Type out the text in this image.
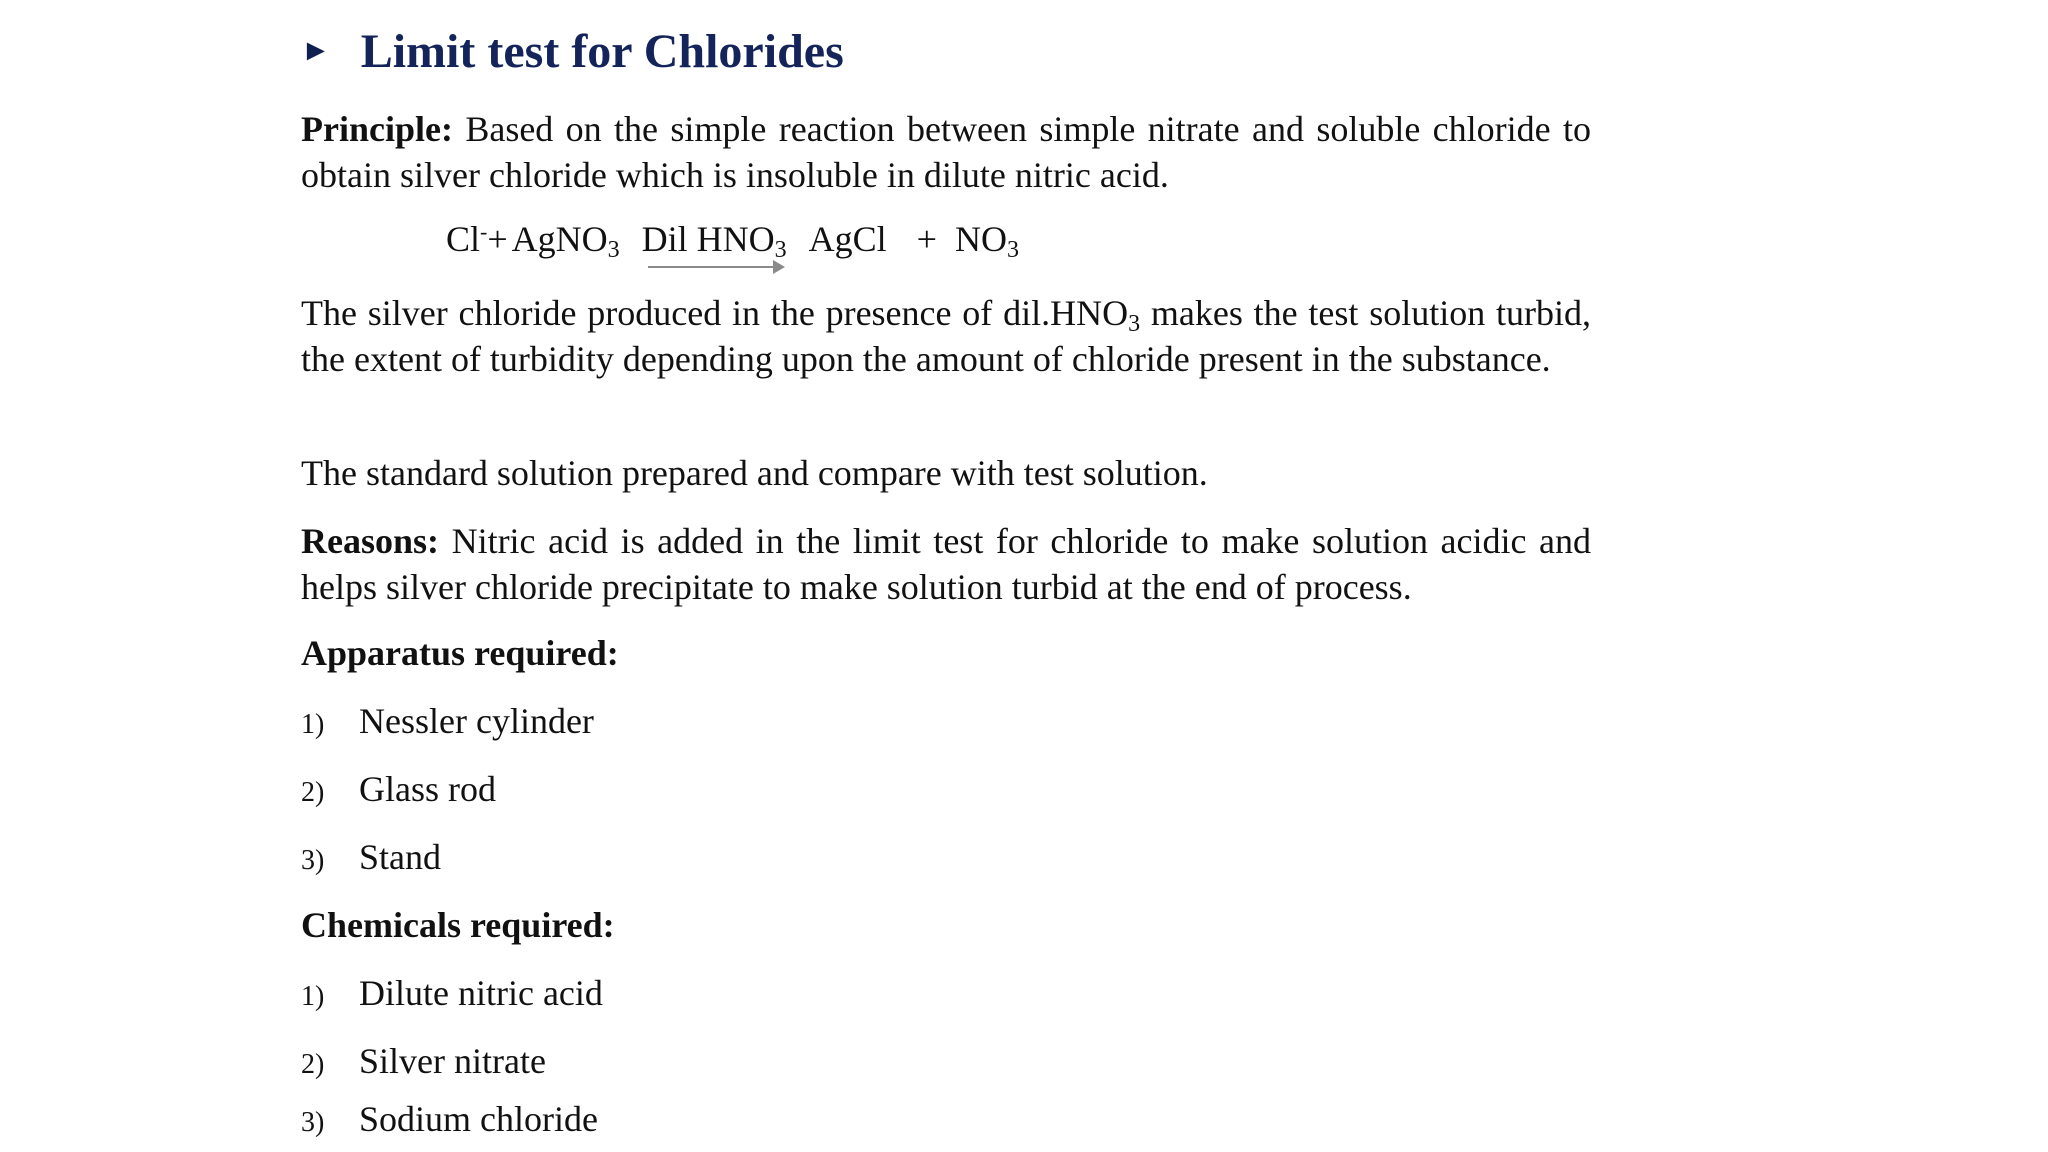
► Limit test for Chlorides

Principle: Based on the simple reaction between simple nitrate and soluble chloride to obtain silver chloride which is insoluble in dilute nitric acid.

Cl- + AgNO$_3$ Dil $HNO_3$ AgCl + $NO_3$

The silver chloride produced in the presence of $dil.HNO_3$ makes the test solution turbid, the extent of turbidity depending upon the amount of chloride present in the substance.

The standard solution prepared and compare with test solution.

Reasons: Nitric acid is added in the limit test for chloride to make solution acidic and helps silver chloride precipitate to make solution turbid at the end of process.

Apparatus required:
1) Nessler cylinder
2) Glass rod
3) Stand
Chemicals required:
1) Dilute nitric acid
2) Silver nitrate
3) Sodium chloride
